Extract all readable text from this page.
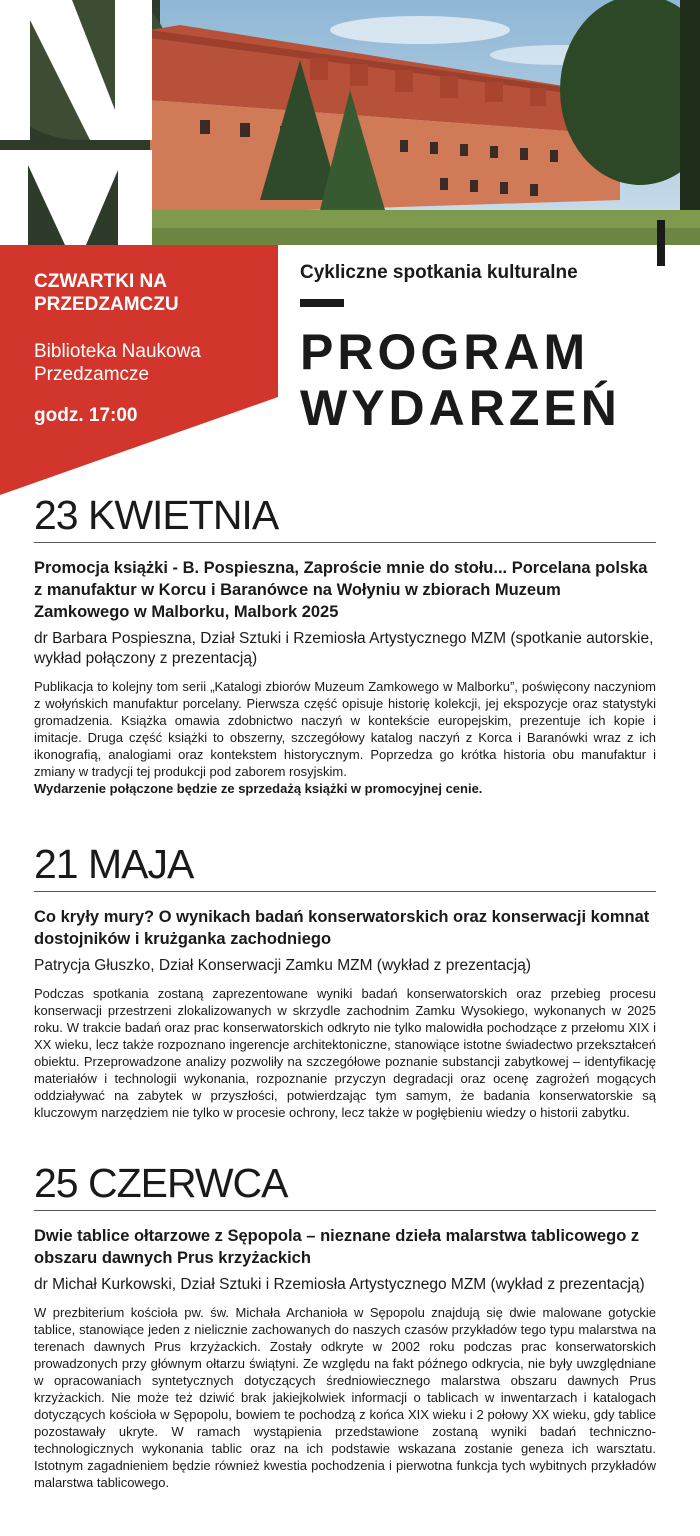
CZWARTKI NA PRZEDZAMCZU
Biblioteka Naukowa Przedzamcze
godz. 17:00
Cykliczne spotkania kulturalne
PROGRAM
WYDARZEŃ
23 KWIETNIA
Promocja książki - B. Pospieszna, Zaproście mnie do stołu... Porcelana polska z manufaktur w Korcu i Baranówce na Wołyniu w zbiorach Muzeum Zamkowego w Malborku, Malbork 2025
dr Barbara Pospieszna, Dział Sztuki i Rzemiosła Artystycznego MZM (spotkanie autorskie, wykład połączony z prezentacją)
Publikacja to kolejny tom serii „Katalogi zbiorów Muzeum Zamkowego w Malborku”, poświęcony naczyniom z wołyńskich manufaktur porcelany. Pierwsza część opisuje historię kolekcji, jej ekspozycje oraz statystyki gromadzenia. Książka omawia zdobnictwo naczyń w kontekście europejskim, prezentuje ich kopie i imitacje. Druga część książki to obszerny, szczegółowy katalog naczyń z Korca i Baranówki wraz z ich ikonografią, analogiami oraz kontekstem historycznym. Poprzedza go krótka historia obu manufaktur i zmiany w tradycji tej produkcji pod zaborem rosyjskim.
Wydarzenie połączone będzie ze sprzedażą książki w promocyjnej cenie.
21 MAJA
Co kryły mury? O wynikach badań konserwatorskich oraz konserwacji komnat dostojników i krużganka zachodniego
Patrycja Głuszko, Dział Konserwacji Zamku MZM (wykład z prezentacją)
Podczas spotkania zostaną zaprezentowane wyniki badań konserwatorskich oraz przebieg procesu konserwacji przestrzeni zlokalizowanych w skrzydle zachodnim Zamku Wysokiego, wykonanych w 2025 roku. W trakcie badań oraz prac konserwatorskich odkryto nie tylko malowidła pochodzące z przełomu XIX i XX wieku, lecz także rozpoznano ingerencje architektoniczne, stanowiące istotne świadectwo przekształceń obiektu. Przeprowadzone analizy pozwoliły na szczegółowe poznanie substancji zabytkowej – identyfikację materiałów i technologii wykonania, rozpoznanie przyczyn degradacji oraz ocenę zagrożeń mogących oddziaływać na zabytek w przyszłości, potwierdzając tym samym, że badania konserwatorskie są kluczowym narzędziem nie tylko w procesie ochrony, lecz także w pogłębieniu wiedzy o historii zabytku.
25 CZERWCA
Dwie tablice ołtarzowe z Sępopola – nieznane dzieła malarstwa tablicowego z obszaru dawnych Prus krzyżackich
dr Michał Kurkowski, Dział Sztuki i Rzemiosła Artystycznego MZM (wykład z prezentacją)
W prezbiterium kościoła pw. św. Michała Archanioła w Sępopolu znajdują się dwie malowane gotyckie tablice, stanowiące jeden z nielicznie zachowanych do naszych czasów przykładów tego typu malarstwa na terenach dawnych Prus krzyżackich. Zostały odkryte w 2002 roku podczas prac konserwatorskich prowadzonych przy głównym ołtarzu świątyni. Ze względu na fakt późnego odkrycia, nie były uwzględniane w opracowaniach syntetycznych dotyczących średniowiecznego malarstwa obszaru dawnych Prus krzyżackich. Nie może też dziwić brak jakiejkolwiek informacji o tablicach w inwentarzach i katalogach dotyczących kościoła w Sępopolu, bowiem te pochodzą z końca XIX wieku i 2 połowy XX wieku, gdy tablice pozostawały ukryte. W ramach wystąpienia przedstawione zostaną wyniki badań techniczno-technologicznych wykonania tablic oraz na ich podstawie wskazana zostanie geneza ich warsztatu. Istotnym zagadnieniem będzie również kwestia pochodzenia i pierwotna funkcja tych wybitnych przykładów malarstwa tablicowego.
